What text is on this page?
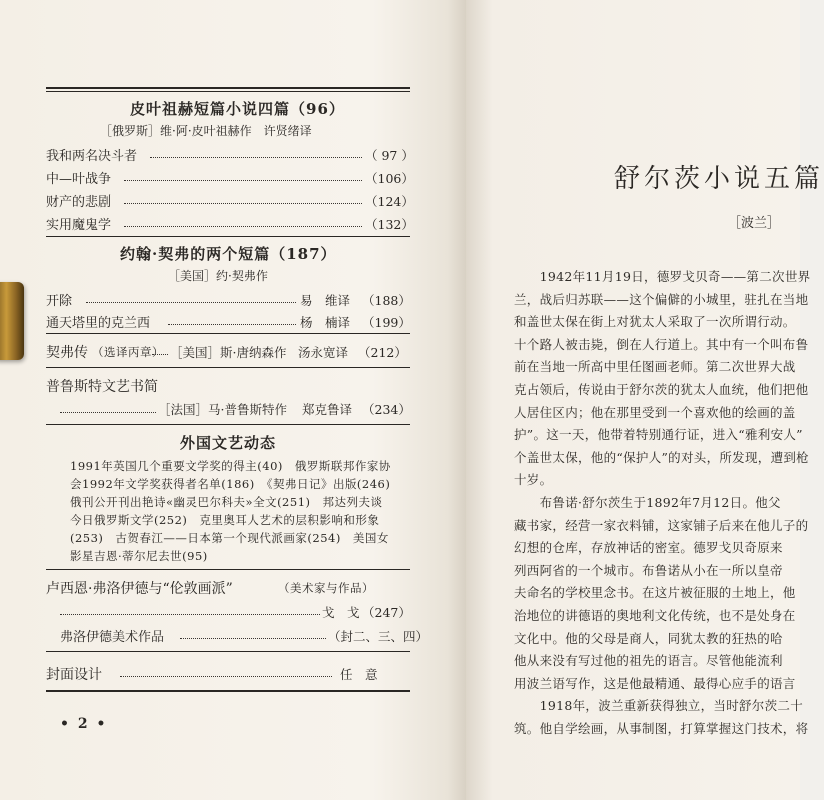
皮叶祖赫短篇小说四篇（96）
［俄罗斯］维·阿·皮叶祖赫作　许贤绪译
我和两名决斗者	（ 97 ）
中—叶战争	（106）
财产的悲剧	（124）
实用魔鬼学	（132）
约翰·契弗的两个短篇（187）
［美国］约·契弗作
开除	易　维译 （188）
通天塔里的克兰西	杨　楠译 （199）
契弗传 （选译丙章） ［美国］斯·唐纳森作 汤永宽译 （212）
普鲁斯特文艺书简
［法国］马·普鲁斯特作 郑克鲁译 （234）
外国文艺动态
1991年英国几个重要文学奖的得主(40)　俄罗斯联邦作家协
会1992年文学奖获得者名单(186)　《契弗日记》出版(246)
俄刊公开刊出艳诗«幽灵巴尔科夫»全文(251)　邦达列夫谈
今日俄罗斯文学(252)　克里奥耳人艺术的层积影响和形象
(253)　古贺春江——日本第一个现代派画家(254)　美国女
影星吉恩·蒂尔尼去世(95)
卢西恩·弗洛伊德与“伦敦画派”	（美术家与作品）
戈　戈 （247）
弗洛伊德美术作品	（封二、三、四）
封面设计	任　意
• 2 •
舒尔茨小说五篇
［波兰］
　　1942年11月19日，德罗戈贝奇——第二次世界
兰，战后归苏联——这个偏僻的小城里，驻扎在当地
和盖世太保在街上对犹太人采取了一次所谓行动。
十个路人被击毙，倒在人行道上。其中有一个叫布鲁
前在当地一所高中里任图画老师。第二次世界大战
克占领后，传说由于舒尔茨的犹太人血统，他们把他
人居住区内；他在那里受到一个喜欢他的绘画的盖
护”。这一天，他带着特别通行证，进入“雅利安人”
个盖世太保，他的“保护人”的对头，所发现，遭到枪
十岁。
　　布鲁诺·舒尔茨生于1892年7月12日。他父
藏书家，经营一家衣料铺，这家铺子后来在他儿子的
幻想的仓库，存放神话的密室。德罗戈贝奇原来
列西阿省的一个城市。布鲁诺从小在一所以皇帝
夫命名的学校里念书。在这片被征服的土地上，他
治地位的讲德语的奥地利文化传统，也不是处身在
文化中。他的父母是商人，同犹太教的狂热的哈
他从来没有写过他的祖先的语言。尽管他能流利
用波兰语写作，这是他最精通、最得心应手的语言
　　1918年，波兰重新获得独立，当时舒尔茨二十
筑。他自学绘画，从事制图，打算掌握这门技术，将
